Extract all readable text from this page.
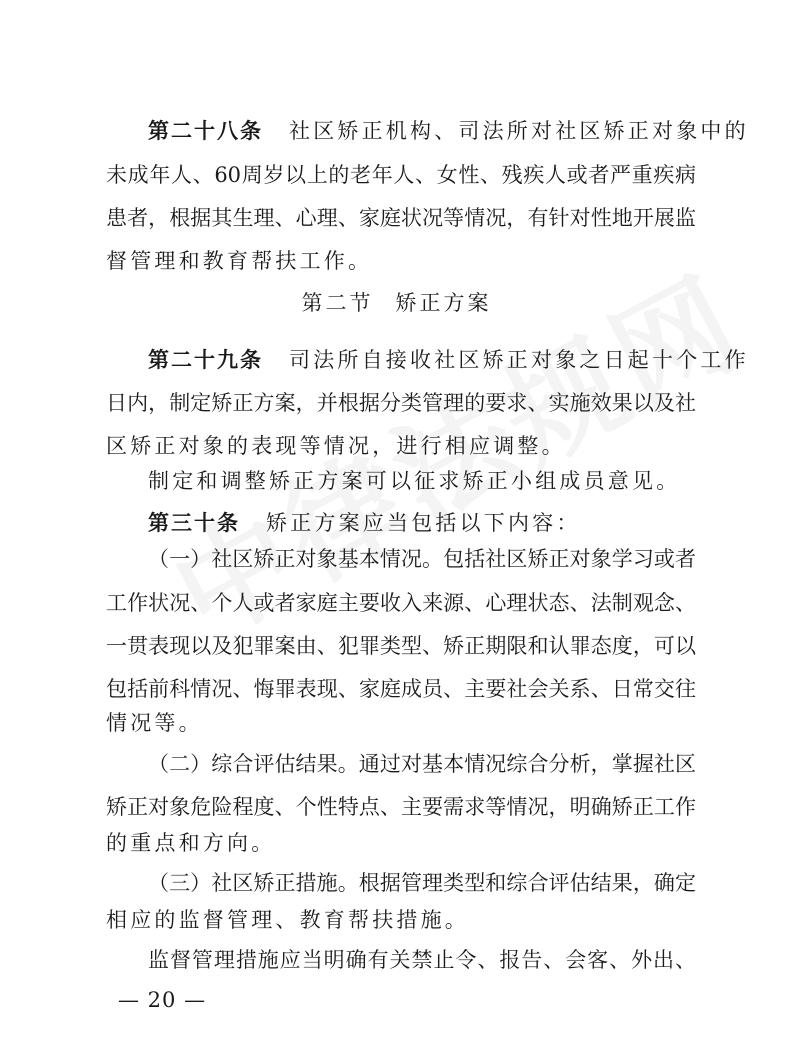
第二十八条 社区矫正机构、司法所对社区矫正对象中的
未成年人、60周岁以上的老年人、女性、残疾人或者严重疾病
患者，根据其生理、心理、家庭状况等情况，有针对性地开展监
督管理和教育帮扶工作。
第二节 矫正方案
第二十九条 司法所自接收社区矫正对象之日起十个工作
日内，制定矫正方案，并根据分类管理的要求、实施效果以及社
区矫正对象的表现等情况，进行相应调整。
制定和调整矫正方案可以征求矫正小组成员意见。
第三十条 矫正方案应当包括以下内容：
（一）社区矫正对象基本情况。包括社区矫正对象学习或者
工作状况、个人或者家庭主要收入来源、心理状态、法制观念、
一贯表现以及犯罪案由、犯罪类型、矫正期限和认罪态度，可以
包括前科情况、悔罪表现、家庭成员、主要社会关系、日常交往
情况等。
（二）综合评估结果。通过对基本情况综合分析，掌握社区
矫正对象危险程度、个性特点、主要需求等情况，明确矫正工作
的重点和方向。
（三）社区矫正措施。根据管理类型和综合评估结果，确定
相应的监督管理、教育帮扶措施。
监督管理措施应当明确有关禁止令、报告、会客、外出、
— 20 —
